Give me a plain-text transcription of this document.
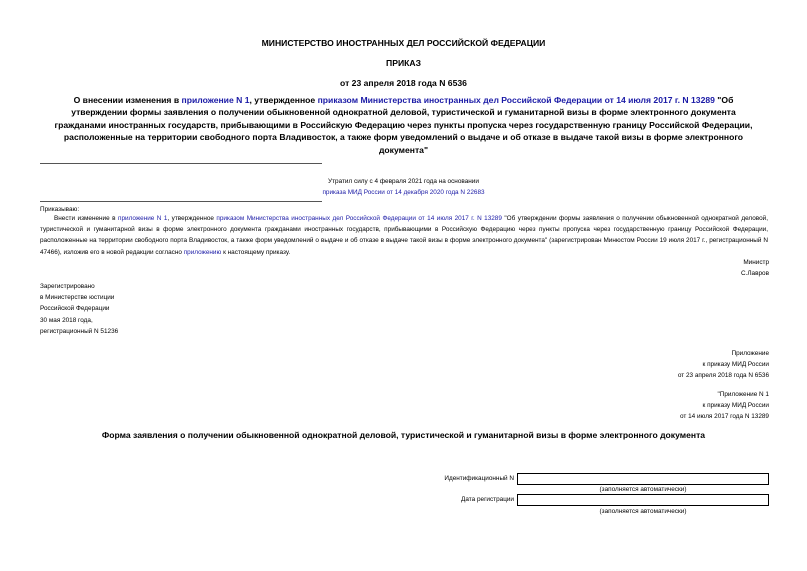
МИНИСТЕРСТВО ИНОСТРАННЫХ ДЕЛ РОССИЙСКОЙ ФЕДЕРАЦИИ
ПРИКАЗ
от 23 апреля 2018 года N 6536
О внесении изменения в приложение N 1, утвержденное приказом Министерства иностранных дел Российской Федерации от 14 июля 2017 г. N 13289 "Об утверждении формы заявления о получении обыкновенной однократной деловой, туристической и гуманитарной визы в форме электронного документа гражданами иностранных государств, прибывающими в Российскую Федерацию через пункты пропуска через государственную границу Российской Федерации, расположенные на территории свободного порта Владивосток, а также форм уведомлений о выдаче и об отказе в выдаче такой визы в форме электронного документа"
Утратил силу с 4 февраля 2021 года на основании
приказа МИД России от 14 декабря 2020 года N 22683
Приказываю:
Внести изменение в приложение N 1, утвержденное приказом Министерства иностранных дел Российской Федерации от 14 июля 2017 г. N 13289 "Об утверждении формы заявления о получении обыкновенной однократной деловой, туристической и гуманитарной визы в форме электронного документа гражданами иностранных государств, прибывающими в Российскую Федерацию через пункты пропуска через государственную границу Российской Федерации, расположенные на территории свободного порта Владивосток, а также форм уведомлений о выдаче и об отказе в выдаче такой визы в форме электронного документа" (зарегистрирован Минюстом России 19 июля 2017 г., регистрационный N 47466), изложив его в новой редакции согласно приложению к настоящему приказу.
Министр
С.Лавров
Зарегистрировано
в Министерстве юстиции
Российской Федерации
30 мая 2018 года,
регистрационный N 51236
Приложение
к приказу МИД России
от 23 апреля 2018 года N 6536
"Приложение N 1
к приказу МИД России
от 14 июля 2017 года N 13289
Форма заявления о получении обыкновенной однократной деловой, туристической и гуманитарной визы в форме электронного документа
Идентификационный N
(заполняется автоматически)
Дата регистрации
(заполняется автоматически)
